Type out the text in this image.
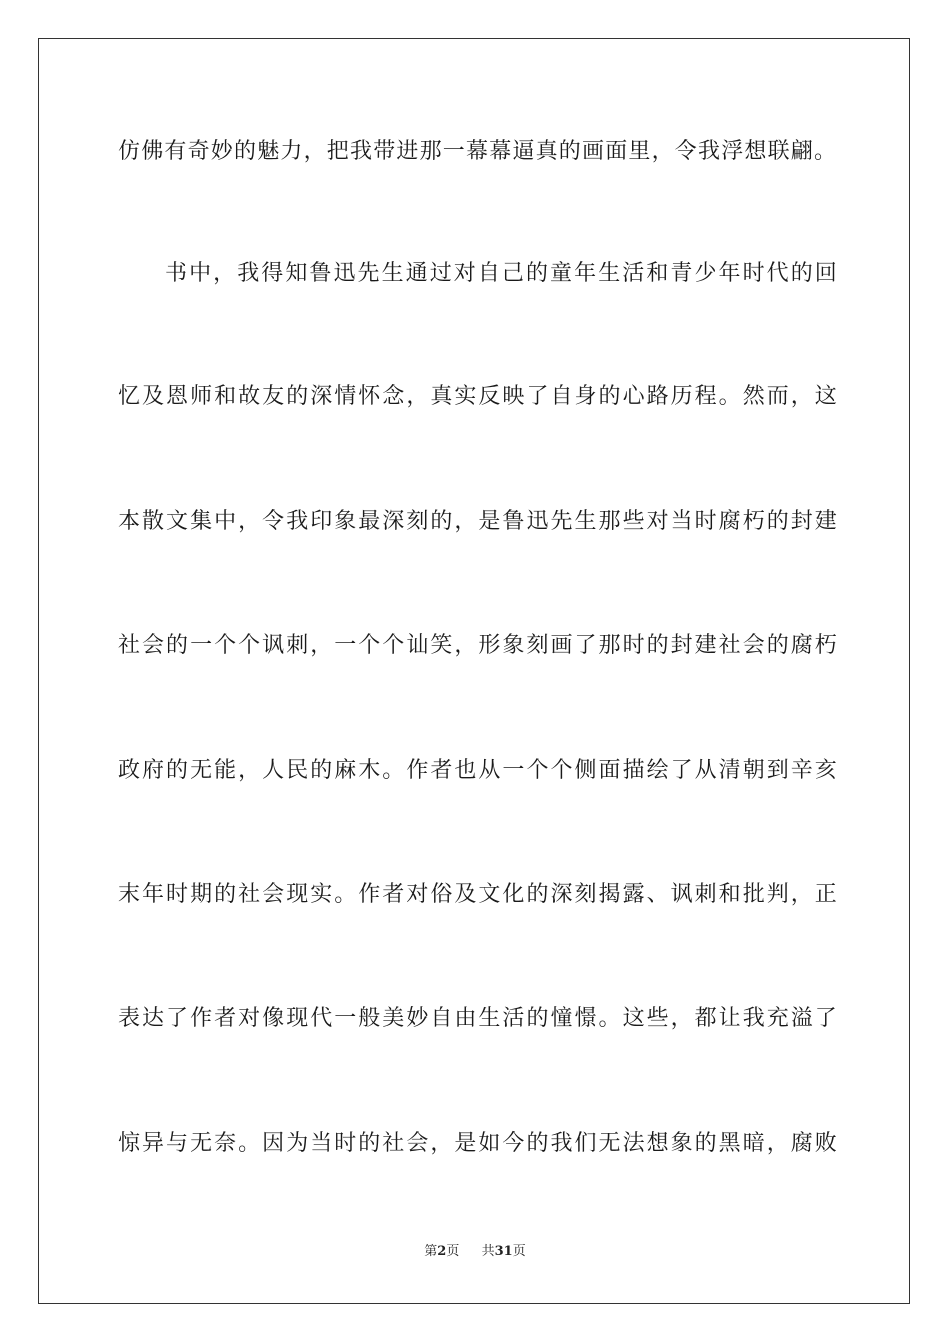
仿佛有奇妙的魅力，把我带进那一幕幕逼真的画面里，令我浮想联翩。
书中，我得知鲁迅先生通过对自己的童年生活和青少年时代的回
忆及恩师和故友的深情怀念，真实反映了自身的心路历程。然而，这
本散文集中，令我印象最深刻的，是鲁迅先生那些对当时腐朽的封建
社会的一个个讽刺，一个个讪笑，形象刻画了那时的封建社会的腐朽
政府的无能，人民的麻木。作者也从一个个侧面描绘了从清朝到辛亥
末年时期的社会现实。作者对俗及文化的深刻揭露、讽刺和批判，正
表达了作者对像现代一般美妙自由生活的憧憬。这些，都让我充溢了
惊异与无奈。因为当时的社会，是如今的我们无法想象的黑暗，腐败
第2页 共31页
